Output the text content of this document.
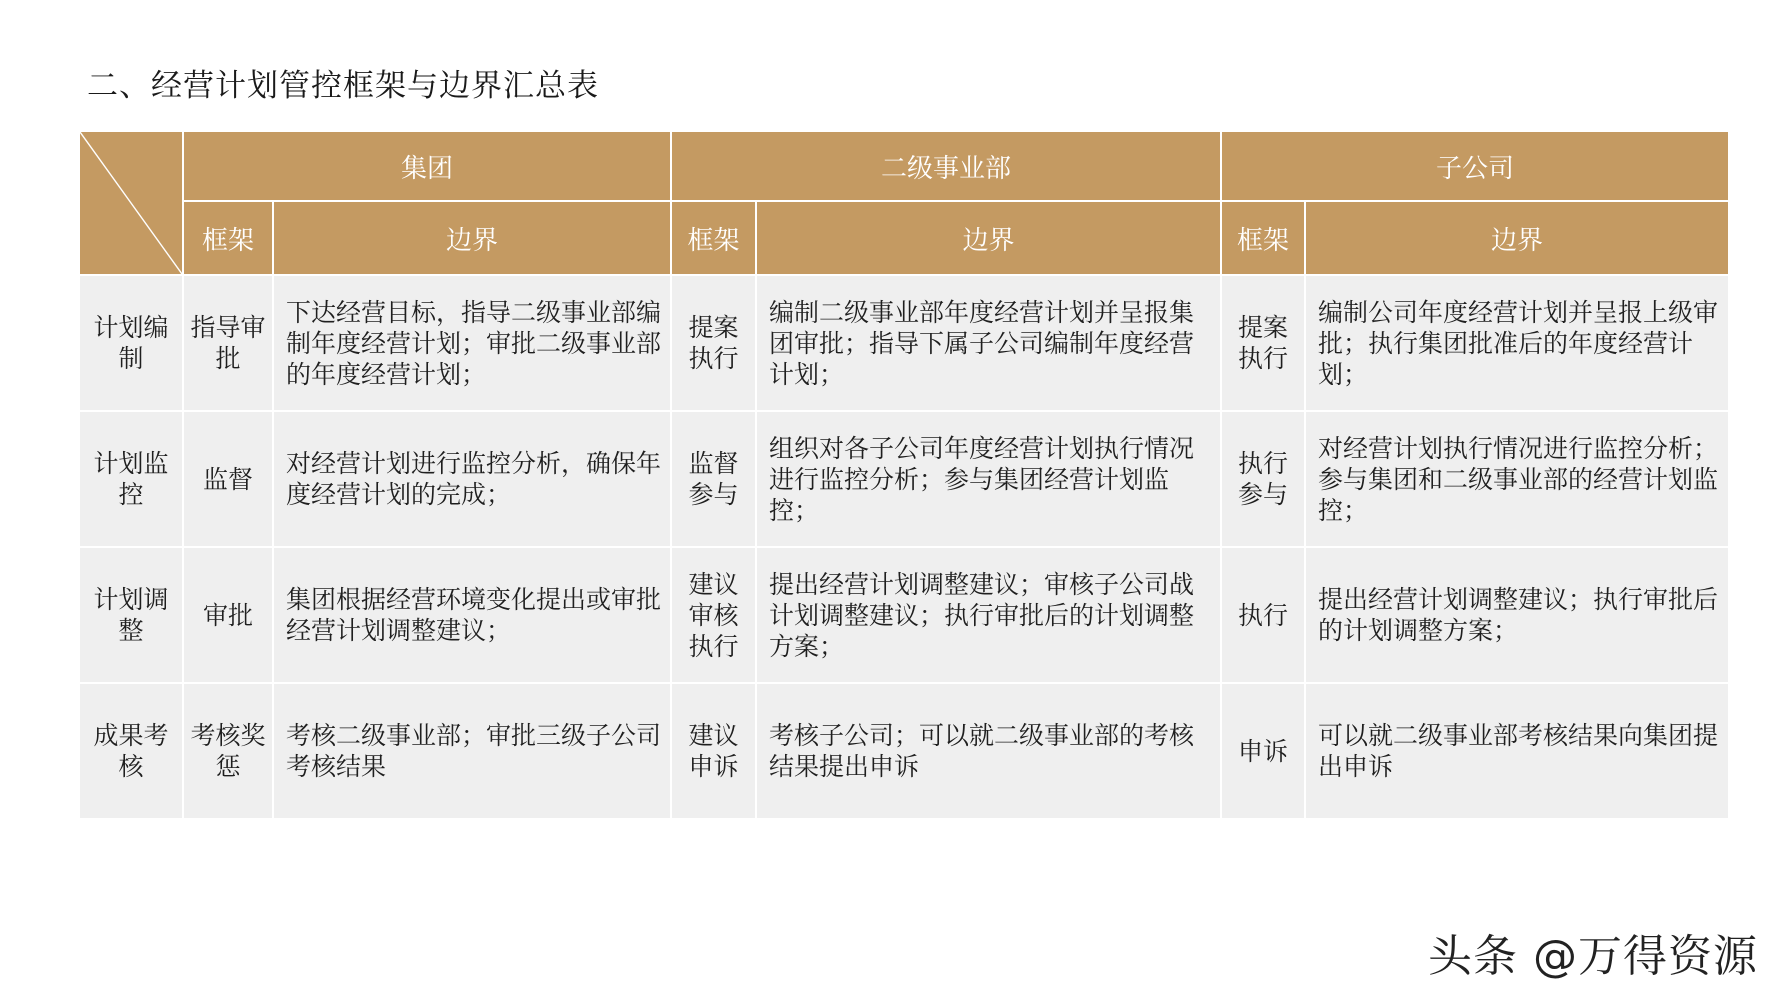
二、经营计划管控框架与边界汇总表
	集团		二级事业部		子公司	
	框架	边界	框架	边界	框架	边界
计划编制	指导审批	下达经营目标，指导二级事业部编制年度经营计划；审批二级事业部的年度经营计划；	提案执行	编制二级事业部年度经营计划并呈报集团审批；指导下属子公司编制年度经营计划；	提案执行	编制公司年度经营计划并呈报上级审批；执行集团批准后的年度经营计划；
计划监控	监督	对经营计划进行监控分析，确保年度经营计划的完成；	监督参与	组织对各子公司年度经营计划执行情况进行监控分析；参与集团经营计划监控；	执行参与	对经营计划执行情况进行监控分析；参与集团和二级事业部的经营计划监控；
计划调整	审批	集团根据经营环境变化提出或审批经营计划调整建议；	建议审核执行	提出经营计划调整建议；审核子公司战计划调整建议；执行审批后的计划调整方案；	执行	提出经营计划调整建议；执行审批后的计划调整方案；
成果考核	考核奖惩	考核二级事业部；审批三级子公司考核结果	建议申诉	考核子公司；可以就二级事业部的考核结果提出申诉	申诉	可以就二级事业部考核结果向集团提出申诉
头条 @万得资源
